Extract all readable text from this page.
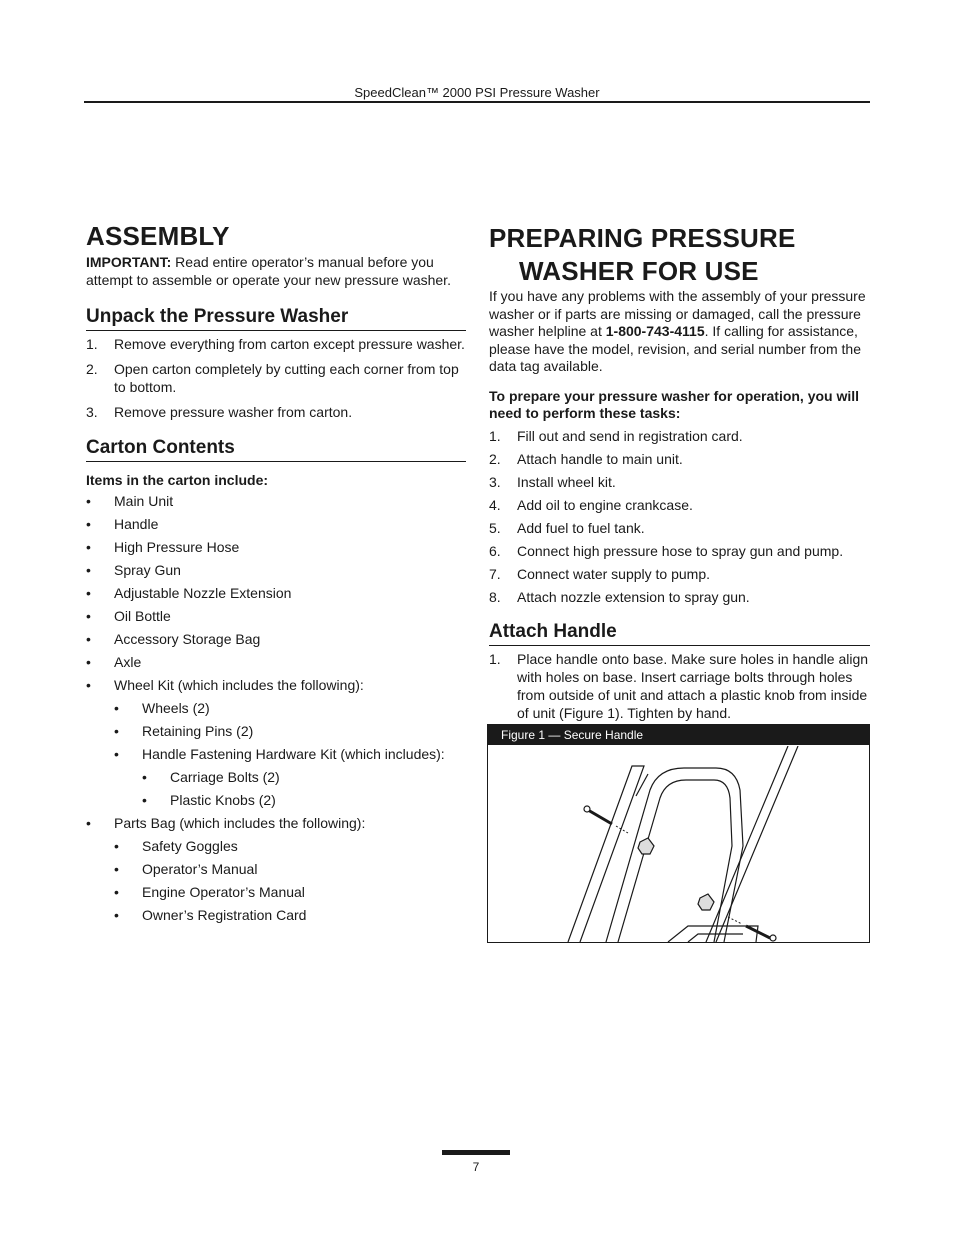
SpeedClean™ 2000 PSI Pressure Washer
ASSEMBLY

IMPORTANT: Read entire operator’s manual before you attempt to assemble or operate your new pressure washer.

Unpack the Pressure Washer
1. Remove everything from carton except pressure washer.
2. Open carton completely by cutting each corner from top to bottom.
3. Remove pressure washer from carton.
Carton Contents

Items in the carton include:

• Main Unit
• Handle
• High Pressure Hose
• Spray Gun
• Adjustable Nozzle Extension
• Oil Bottle
• Accessory Storage Bag
• Axle
• Wheel Kit (which includes the following):
• Wheels (2)
• Retaining Pins (2)
• Handle Fastening Hardware Kit (which includes):
• Carriage Bolts (2)
• Plastic Knobs (2)
• Parts Bag (which includes the following):
• Safety Goggles
• Operator’s Manual
• Engine Operator’s Manual
• Owner’s Registration Card
PREPARING PRESSURE
WASHER FOR USE

If you have any problems with the assembly of your pressure washer or if parts are missing or damaged, call the pressure washer helpline at 1-800-743-4115. If calling for assistance, please have the model, revision, and serial number from the data tag available.

To prepare your pressure washer for operation, you will need to perform these tasks:

1. Fill out and send in registration card.
2. Attach handle to main unit.
3. Install wheel kit.
4. Add oil to engine crankcase.
5. Add fuel to fuel tank.
6. Connect high pressure hose to spray gun and pump.
7. Connect water supply to pump.
8. Attach nozzle extension to spray gun.
Attach Handle
1. Place handle onto base. Make sure holes in handle align with holes on base. Insert carriage bolts through holes from outside of unit and attach a plastic knob from inside of unit (Figure 1). Tighten by hand.
Figure 1 — Secure Handle
7
